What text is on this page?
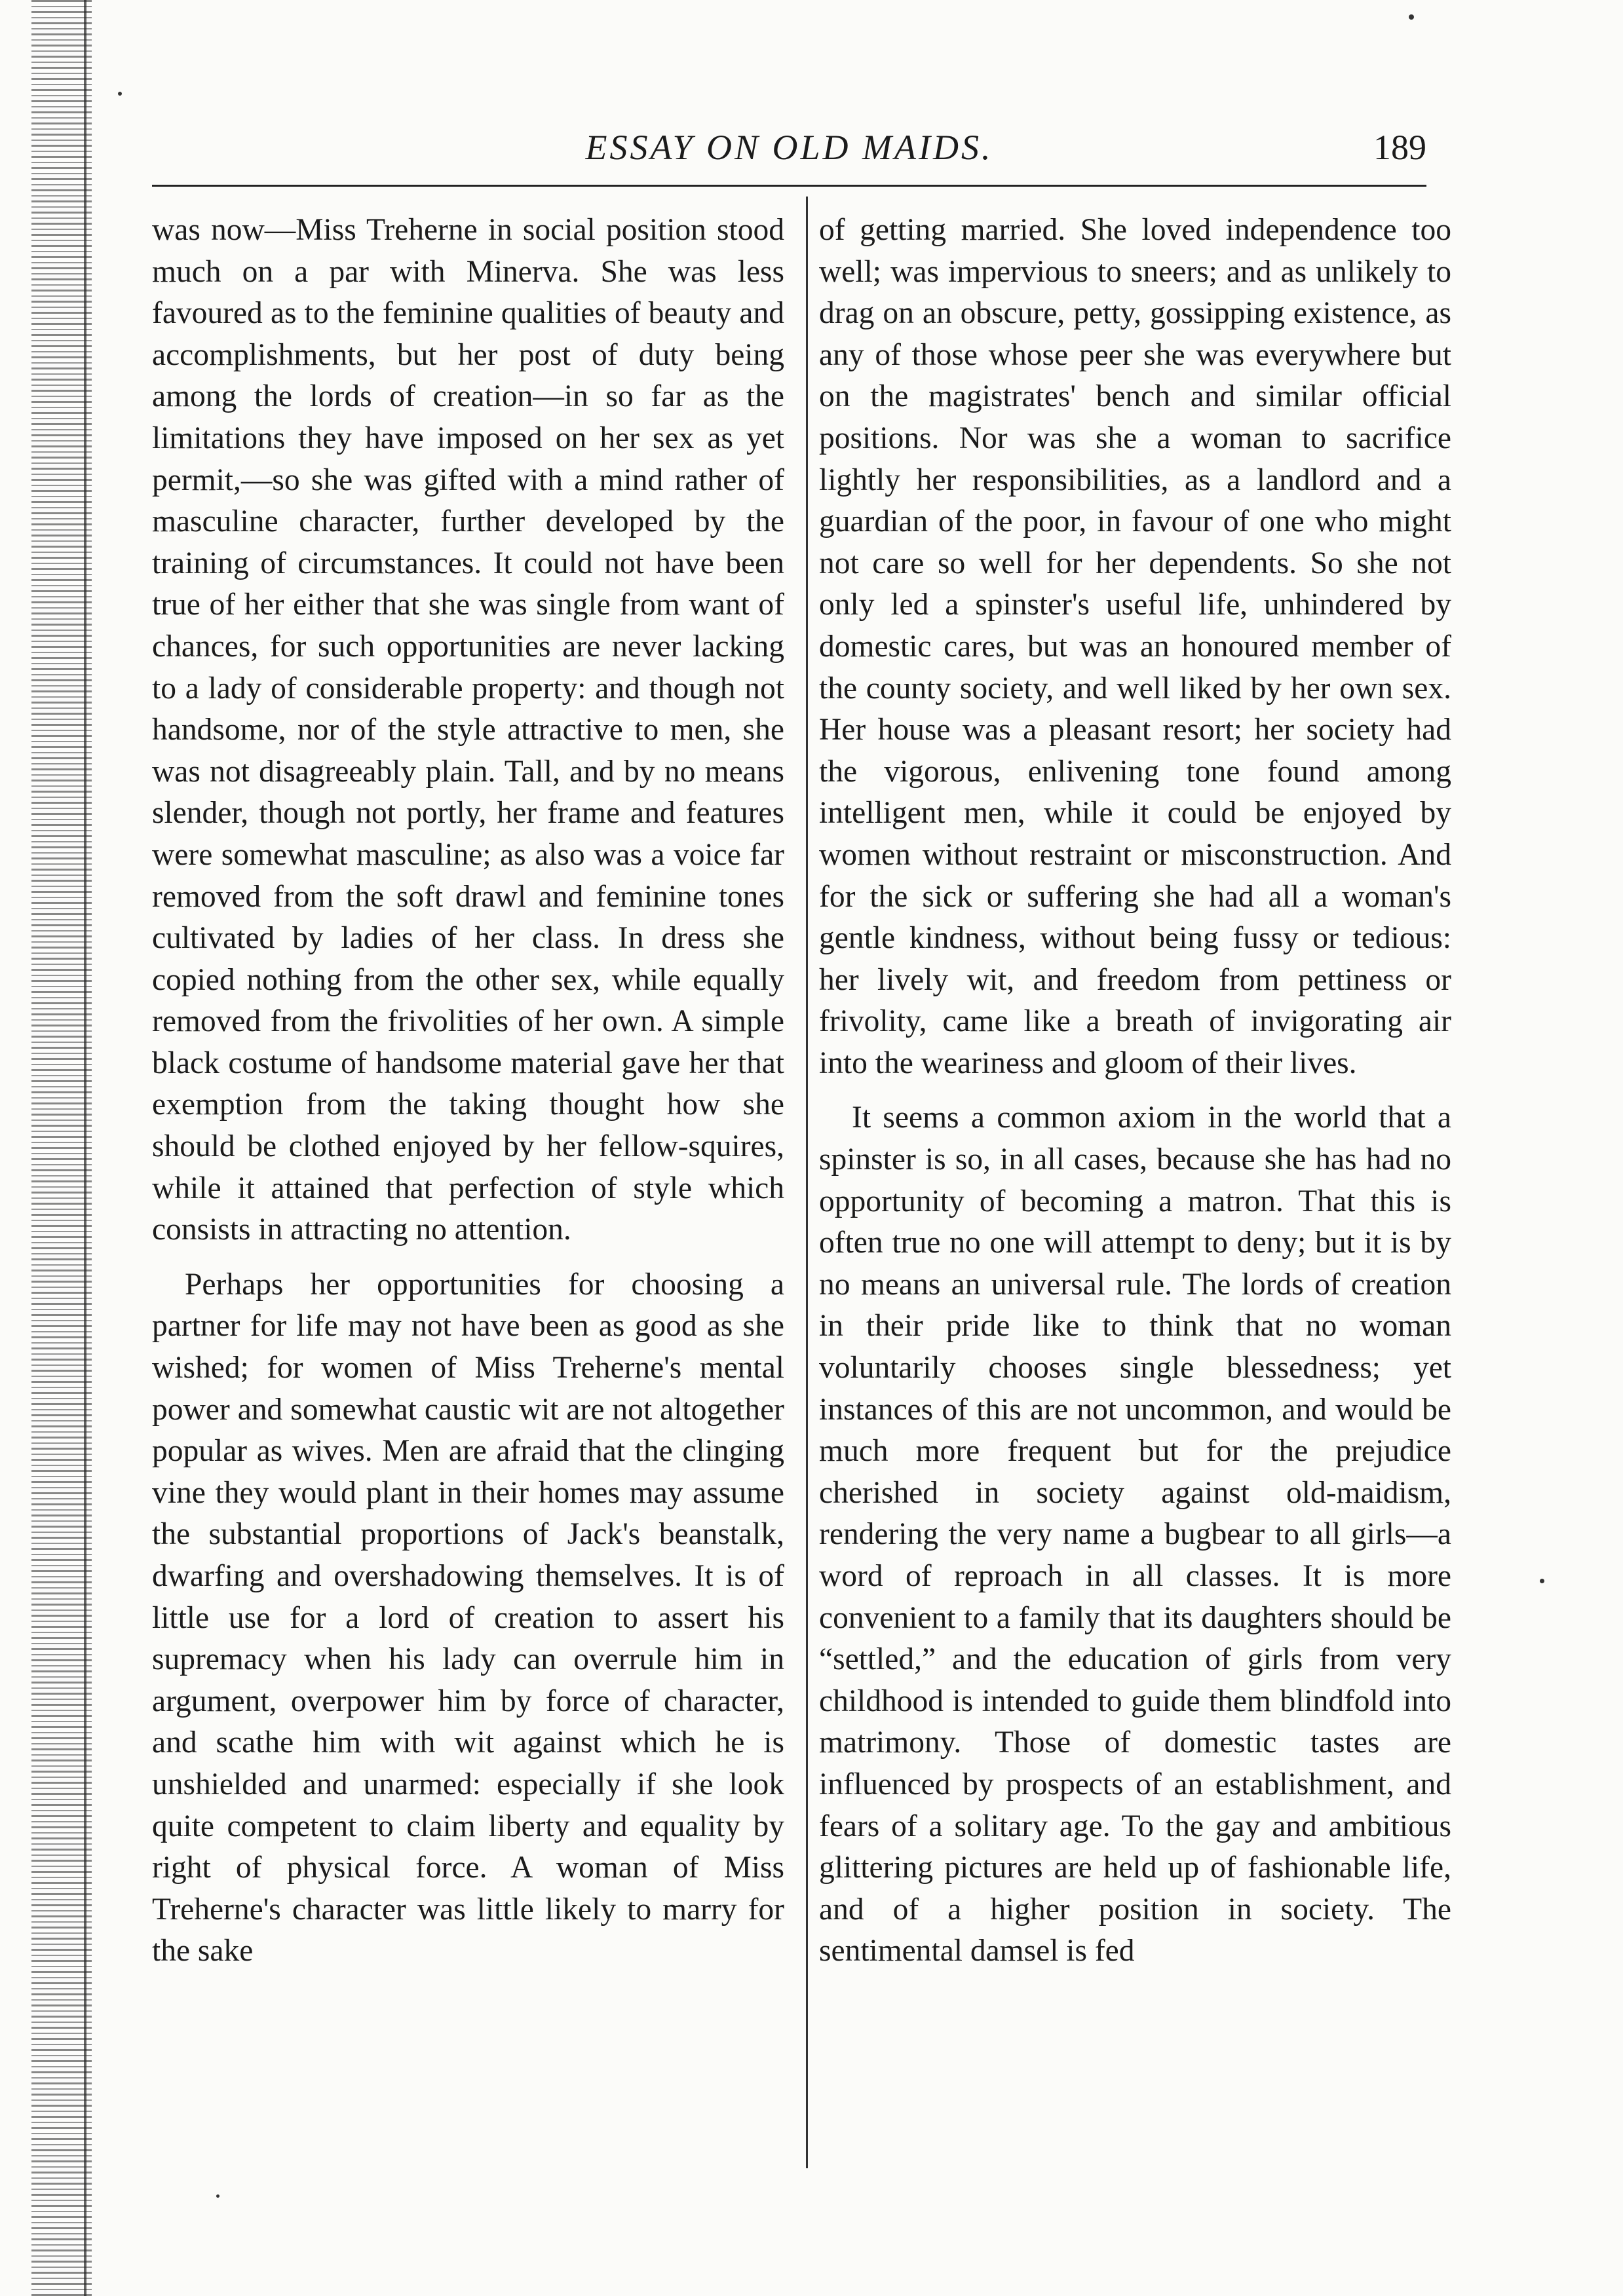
ESSAY ON OLD MAIDS.	189

was now—Miss Treherne in social position stood much on a par with Minerva. She was less favoured as to the feminine qualities of beauty and accomplishments, but her post of duty being among the lords of creation—in so far as the limitations they have imposed on her sex as yet permit,—so she was gifted with a mind rather of masculine character, further developed by the training of circumstances. It could not have been true of her either that she was single from want of chances, for such opportunities are never lacking to a lady of considerable property: and though not handsome, nor of the style attractive to men, she was not disagreeably plain. Tall, and by no means slender, though not portly, her frame and features were somewhat masculine; as also was a voice far removed from the soft drawl and feminine tones cultivated by ladies of her class. In dress she copied nothing from the other sex, while equally removed from the frivolities of her own. A simple black costume of handsome material gave her that exemption from the taking thought how she should be clothed enjoyed by her fellow-squires, while it attained that perfection of style which consists in attracting no attention.

Perhaps her opportunities for choosing a partner for life may not have been as good as she wished; for women of Miss Treherne's mental power and somewhat caustic wit are not altogether popular as wives. Men are afraid that the clinging vine they would plant in their homes may assume the substantial proportions of Jack's beanstalk, dwarfing and overshadowing themselves. It is of little use for a lord of creation to assert his supremacy when his lady can overrule him in argument, overpower him by force of character, and scathe him with wit against which he is unshielded and unarmed: especially if she look quite competent to claim liberty and equality by right of physical force. A woman of Miss Treherne's character was little likely to marry for the sake

of getting married. She loved independence too well; was impervious to sneers; and as unlikely to drag on an obscure, petty, gossipping existence, as any of those whose peer she was everywhere but on the magistrates' bench and similar official positions. Nor was she a woman to sacrifice lightly her responsibilities, as a landlord and a guardian of the poor, in favour of one who might not care so well for her dependents. So she not only led a spinster's useful life, unhindered by domestic cares, but was an honoured member of the county society, and well liked by her own sex. Her house was a pleasant resort; her society had the vigorous, enlivening tone found among intelligent men, while it could be enjoyed by women without restraint or misconstruction. And for the sick or suffering she had all a woman's gentle kindness, without being fussy or tedious: her lively wit, and freedom from pettiness or frivolity, came like a breath of invigorating air into the weariness and gloom of their lives.

It seems a common axiom in the world that a spinster is so, in all cases, because she has had no opportunity of becoming a matron. That this is often true no one will attempt to deny; but it is by no means an universal rule. The lords of creation in their pride like to think that no woman voluntarily chooses single blessedness; yet instances of this are not uncommon, and would be much more frequent but for the prejudice cherished in society against old-maidism, rendering the very name a bugbear to all girls—a word of reproach in all classes. It is more convenient to a family that its daughters should be “settled,” and the education of girls from very childhood is intended to guide them blindfold into matrimony. Those of domestic tastes are influenced by prospects of an establishment, and fears of a solitary age. To the gay and ambitious glittering pictures are held up of fashionable life, and of a higher position in society. The sentimental damsel is fed
